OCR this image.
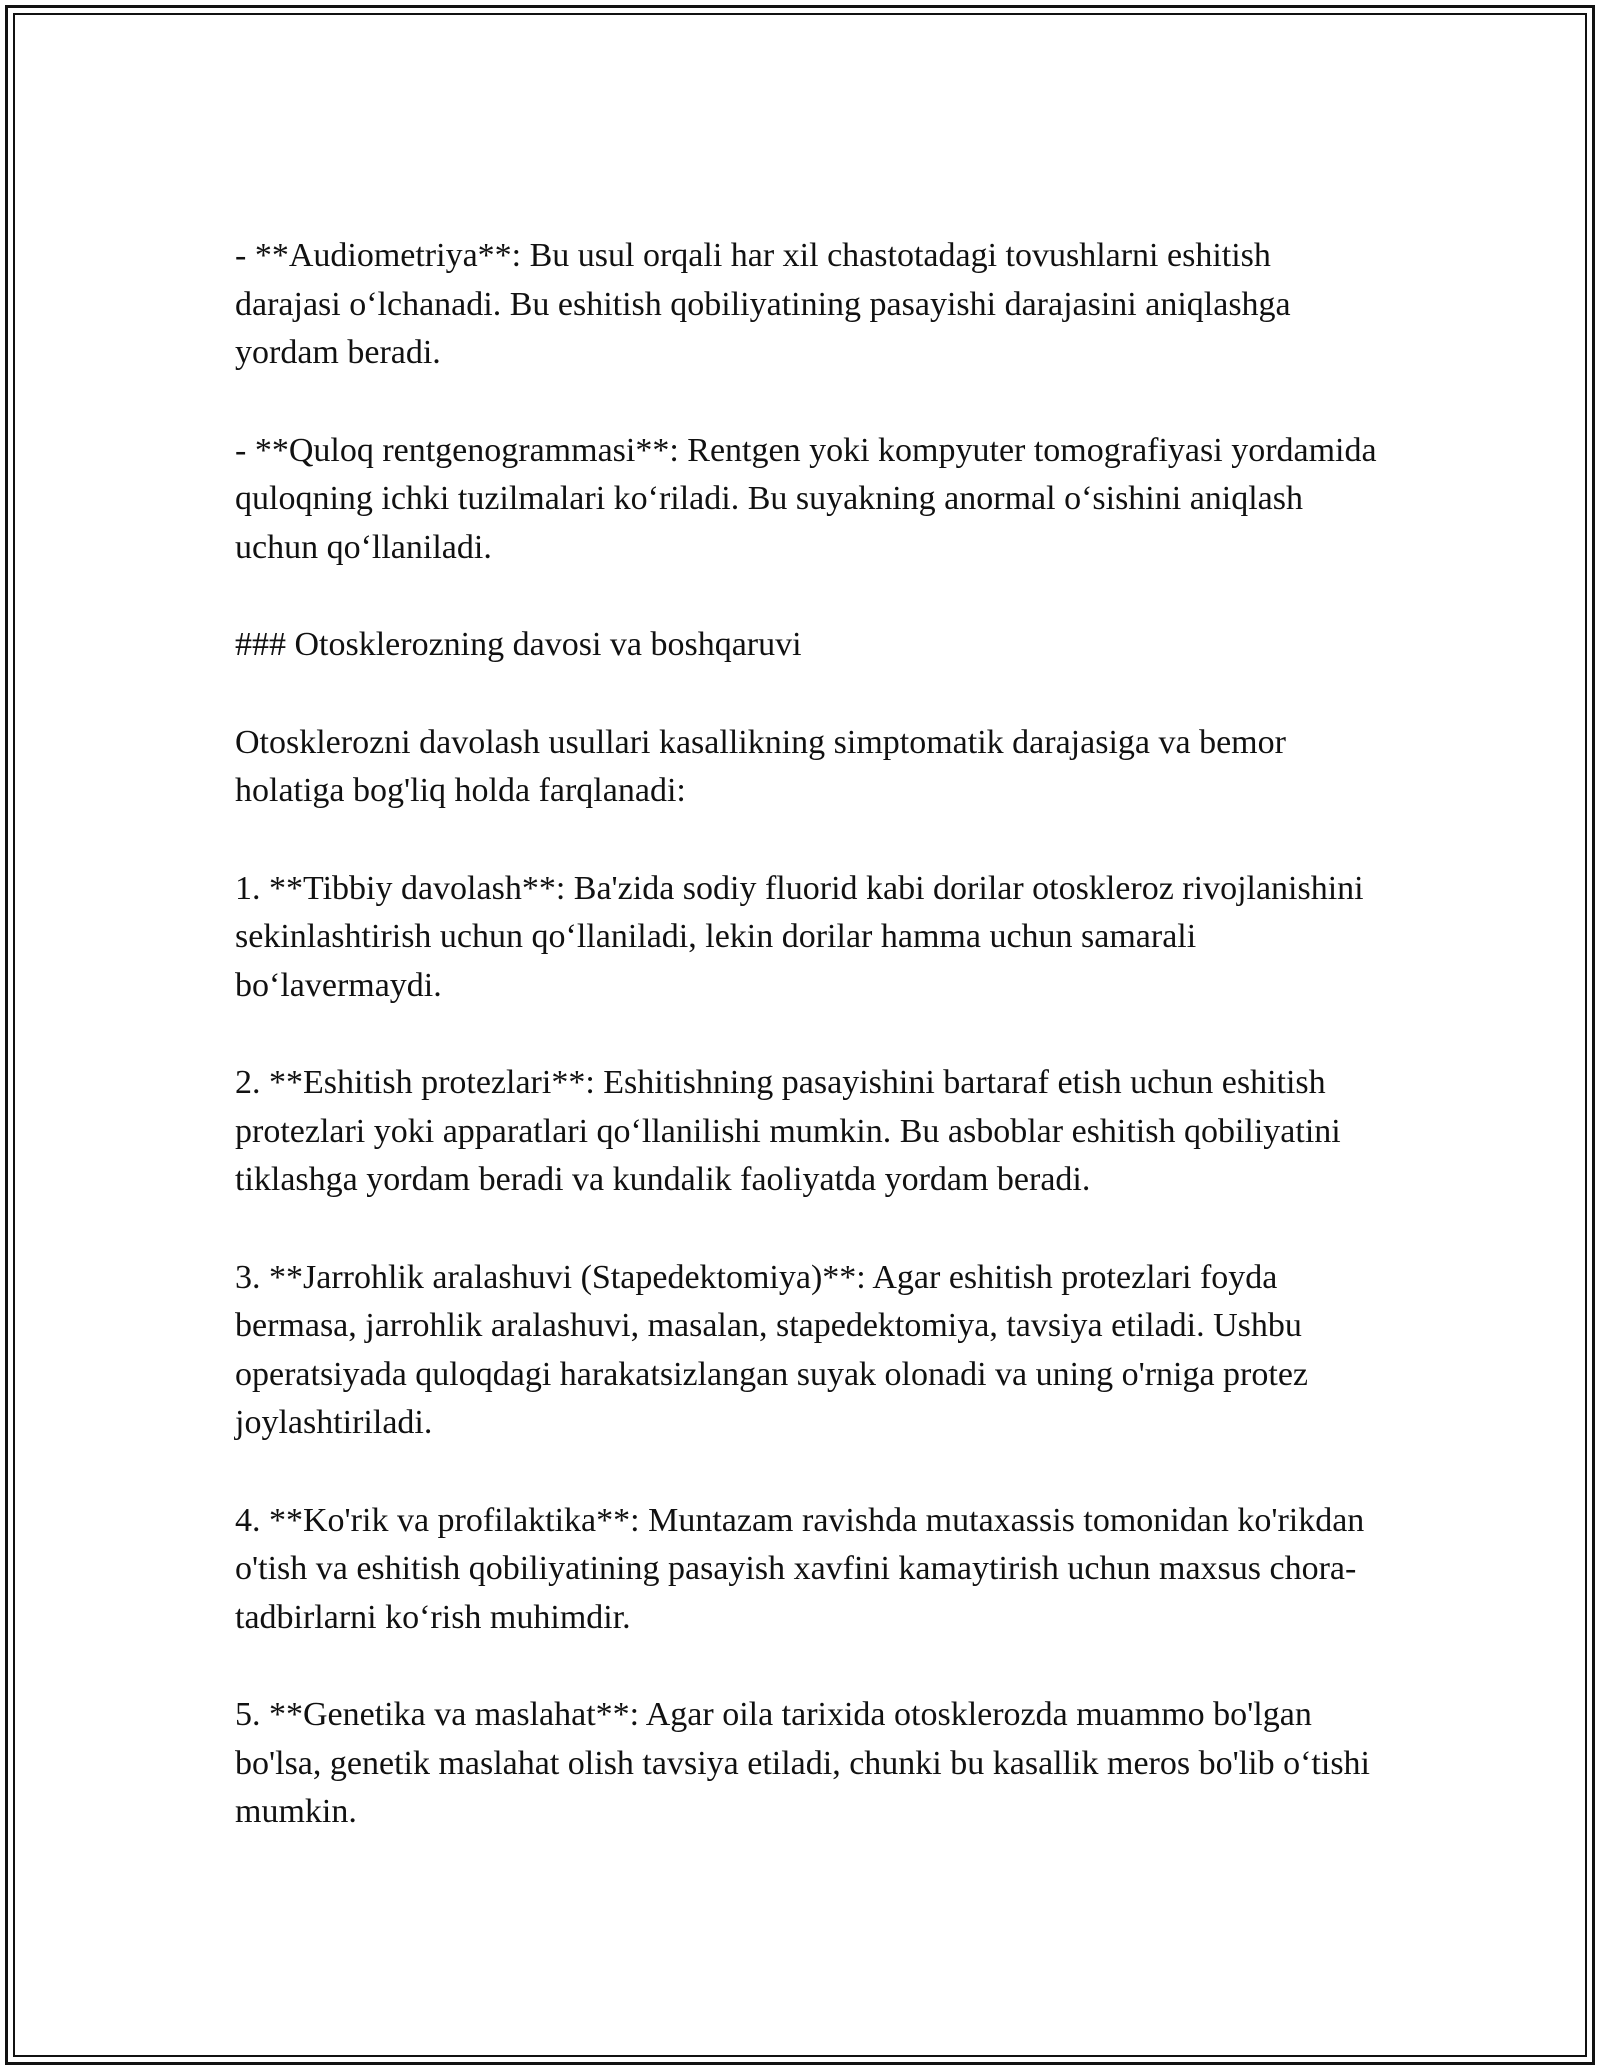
- **Audiometriya**: Bu usul orqali har xil chastotadagi tovushlarni eshitish darajasi o‘lchanadi. Bu eshitish qobiliyatining pasayishi darajasini aniqlashga yordam beradi.

- **Quloq rentgenogrammasi**: Rentgen yoki kompyuter tomografiyasi yordamida quloqning ichki tuzilmalari ko‘riladi. Bu suyakning anormal o‘sishini aniqlash uchun qo‘llaniladi.

### Otosklerozning davosi va boshqaruvi

Otosklerozni davolash usullari kasallikning simptomatik darajasiga va bemor holatiga bog'liq holda farqlanadi:

1. **Tibbiy davolash**: Ba'zida sodiy fluorid kabi dorilar otoskleroz rivojlanishini sekinlashtirish uchun qo‘llaniladi, lekin dorilar hamma uchun samarali bo‘lavermaydi.

2. **Eshitish protezlari**: Eshitishning pasayishini bartaraf etish uchun eshitish protezlari yoki apparatlari qo‘llanilishi mumkin. Bu asboblar eshitish qobiliyatini tiklashga yordam beradi va kundalik faoliyatda yordam beradi.

3. **Jarrohlik aralashuvi (Stapedektomiya)**: Agar eshitish protezlari foyda bermasa, jarrohlik aralashuvi, masalan, stapedektomiya, tavsiya etiladi. Ushbu operatsiyada quloqdagi harakatsizlangan suyak olonadi va uning o'rniga protez joylashtiriladi.

4. **Ko'rik va profilaktika**: Muntazam ravishda mutaxassis tomonidan ko'rikdan o'tish va eshitish qobiliyatining pasayish xavfini kamaytirish uchun maxsus chora-tadbirlarni ko‘rish muhimdir.

5. **Genetika va maslahat**: Agar oila tarixida otosklerozda muammo bo'lgan bo'lsa, genetik maslahat olish tavsiya etiladi, chunki bu kasallik meros bo'lib o‘tishi mumkin.
